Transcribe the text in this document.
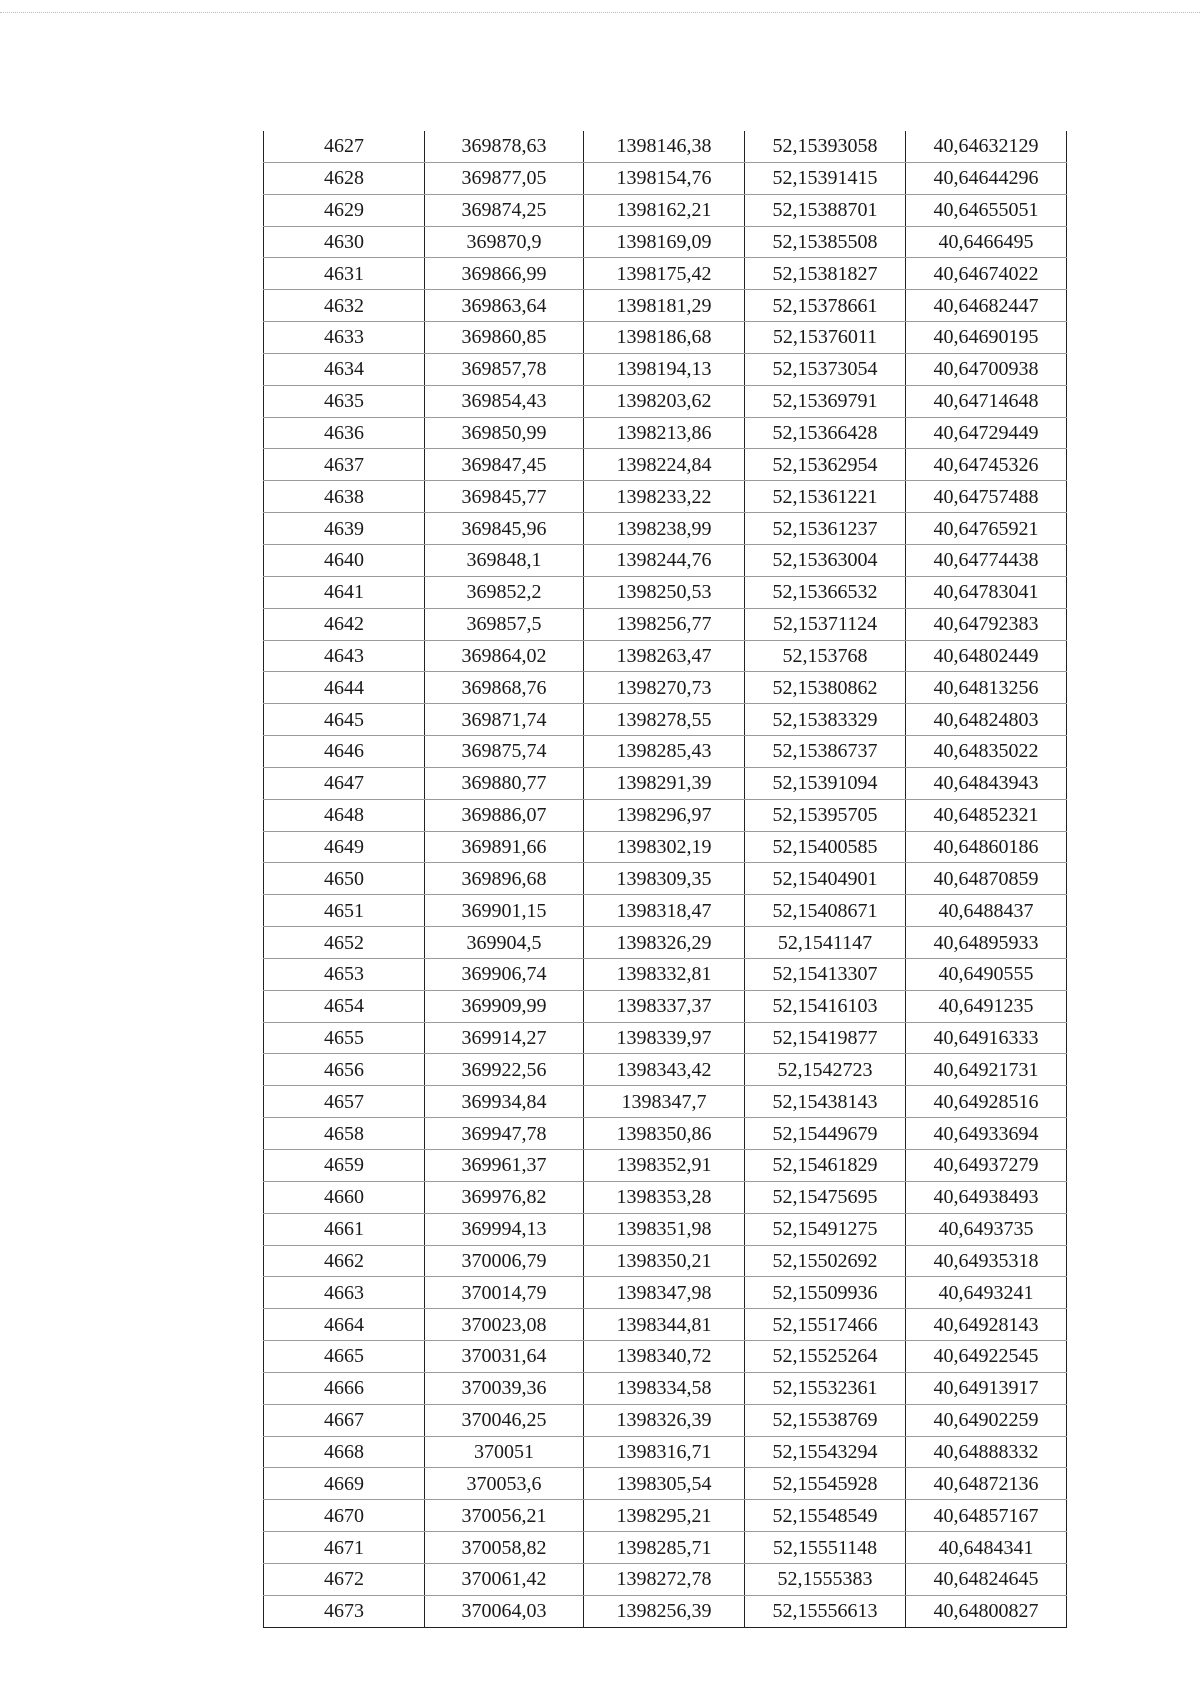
4627	369878,63	1398146,38	52,15393058	40,64632129
4628	369877,05	1398154,76	52,15391415	40,64644296
4629	369874,25	1398162,21	52,15388701	40,64655051
4630	369870,9	1398169,09	52,15385508	40,6466495
4631	369866,99	1398175,42	52,15381827	40,64674022
4632	369863,64	1398181,29	52,15378661	40,64682447
4633	369860,85	1398186,68	52,15376011	40,64690195
4634	369857,78	1398194,13	52,15373054	40,64700938
4635	369854,43	1398203,62	52,15369791	40,64714648
4636	369850,99	1398213,86	52,15366428	40,64729449
4637	369847,45	1398224,84	52,15362954	40,64745326
4638	369845,77	1398233,22	52,15361221	40,64757488
4639	369845,96	1398238,99	52,15361237	40,64765921
4640	369848,1	1398244,76	52,15363004	40,64774438
4641	369852,2	1398250,53	52,15366532	40,64783041
4642	369857,5	1398256,77	52,15371124	40,64792383
4643	369864,02	1398263,47	52,153768	40,64802449
4644	369868,76	1398270,73	52,15380862	40,64813256
4645	369871,74	1398278,55	52,15383329	40,64824803
4646	369875,74	1398285,43	52,15386737	40,64835022
4647	369880,77	1398291,39	52,15391094	40,64843943
4648	369886,07	1398296,97	52,15395705	40,64852321
4649	369891,66	1398302,19	52,15400585	40,64860186
4650	369896,68	1398309,35	52,15404901	40,64870859
4651	369901,15	1398318,47	52,15408671	40,6488437
4652	369904,5	1398326,29	52,1541147	40,64895933
4653	369906,74	1398332,81	52,15413307	40,6490555
4654	369909,99	1398337,37	52,15416103	40,6491235
4655	369914,27	1398339,97	52,15419877	40,64916333
4656	369922,56	1398343,42	52,1542723	40,64921731
4657	369934,84	1398347,7	52,15438143	40,64928516
4658	369947,78	1398350,86	52,15449679	40,64933694
4659	369961,37	1398352,91	52,15461829	40,64937279
4660	369976,82	1398353,28	52,15475695	40,64938493
4661	369994,13	1398351,98	52,15491275	40,6493735
4662	370006,79	1398350,21	52,15502692	40,64935318
4663	370014,79	1398347,98	52,15509936	40,6493241
4664	370023,08	1398344,81	52,15517466	40,64928143
4665	370031,64	1398340,72	52,15525264	40,64922545
4666	370039,36	1398334,58	52,15532361	40,64913917
4667	370046,25	1398326,39	52,15538769	40,64902259
4668	370051	1398316,71	52,15543294	40,64888332
4669	370053,6	1398305,54	52,15545928	40,64872136
4670	370056,21	1398295,21	52,15548549	40,64857167
4671	370058,82	1398285,71	52,15551148	40,6484341
4672	370061,42	1398272,78	52,1555383	40,64824645
4673	370064,03	1398256,39	52,15556613	40,64800827
